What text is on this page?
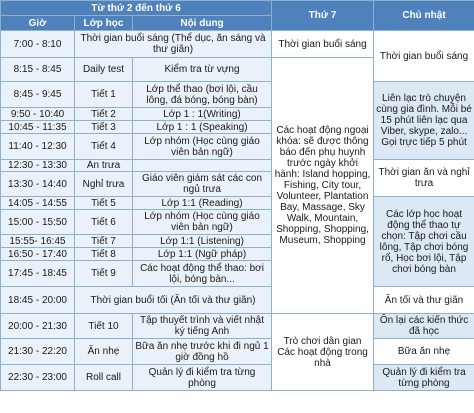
Từ thứ 2 đến thứ 6			Thứ 7	Chủ nhật
Giờ	Lớp học	Nội dung		
7:00 - 8:10	Thời gian buổi sáng (Thể dục, ăn sáng và thư giãn)		Thời gian buổi sáng	Thời gian buổi sáng
8:15 - 8:45	Daily test	Kiểm tra từ vựng	Các hoạt động ngoại khóa: sẽ được thông báo đến phụ huynh trước ngày khởi hành: Island hopping, Fishing, City tour, Volunteer, Plantation Bay, Massage, Sky Walk, Mountain, Shopping, Shopping, Museum, Shopping	
8:45 - 9:45	Tiết 1	Lớp thể thao (bơi lội, cầu lông, đá bóng, bóng bàn)		Liên lạc trò chuyện cùng gia đình. Mỗi bé 15 phút liên lạc qua Viber, skype, zalo... Gọi trực tiếp 5 phút
9:50 - 10:40	Tiết 2	Lớp 1 : 1(Writing)		
10:45 - 11:35	Tiết 3	Lớp 1 : 1 (Speaking)		
11:40 - 12:30	Tiết 4	Lớp nhóm (Học cùng giáo viên bản ngữ)		
12:30 - 13:30	Ăn trưa			Thời gian ăn và nghỉ trưa
13:30 - 14:40	Nghỉ trưa	Giáo viên giám sát các con ngủ trưa		
14:05 - 14:55	Tiết 5	Lớp 1:1 (Reading)		Các lớp học hoạt động thể thao tự chọn: Tập chơi cầu lông, Tập chơi bóng rổ, Học bơi lội, Tập chơi bóng bàn
15:00 - 15:50	Tiết 6	Lớp nhóm (Học cùng giáo viên bản ngữ)		
15:55- 16:45	Tiết 7	Lớp 1:1 (Listening)		
16:50 - 17:40	Tiết 8	Lớp 1:1 (Ngữ pháp)		
17:45 - 18:45	Tiết 9	Các hoạt động thể thao: bơi lội, bóng bàn...		
18:45 - 20:00	Thời gian buổi tối (Ăn tối và thư giãn)			Ăn tối và thư giãn
20:00 - 21:30	Tiết 10	Tập thuyết trình và viết nhật ký tiếng Anh	Trò chơi dân gian Các hoạt động trong nhà	Ôn lại các kiến thức đã học
21:30 - 22:20	Ăn nhẹ	Bữa ăn nhẹ trước khi đi ngủ 1 giờ đồng hồ		Bữa ăn nhẹ
22:30 - 23:00	Roll call	Quản lý đi kiểm tra từng phòng		Quản lý đi kiểm tra từng phòng
